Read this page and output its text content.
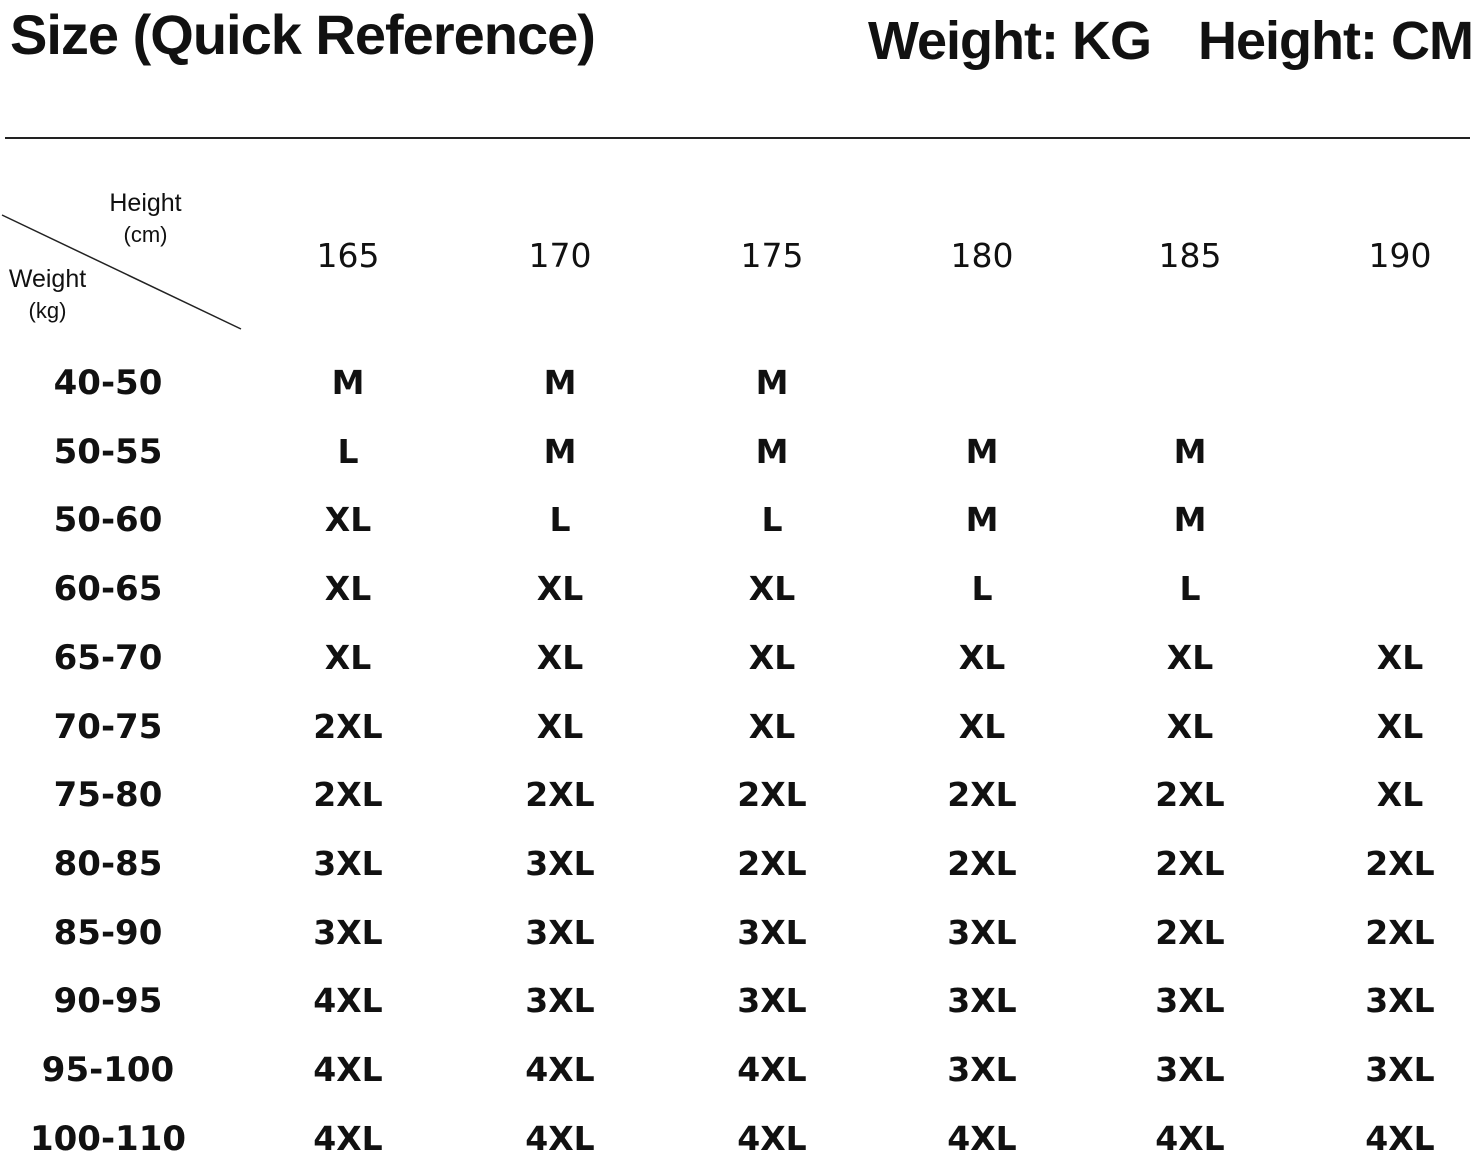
Size (Quick Reference)	Weight: KG Height: CM
Height
(cm)
Weight
(kg)
165	170	175	180	185	190
40-50	M	M	M
50-55	L	M	M	M	M
50-60	XL	L	L	M	M
60-65	XL	XL	XL	L	L
65-70	XL	XL	XL	XL	XL	XL
70-75	2XL	XL	XL	XL	XL	XL
75-80	2XL	2XL	2XL	2XL	2XL	XL
80-85	3XL	3XL	2XL	2XL	2XL	2XL
85-90	3XL	3XL	3XL	3XL	2XL	2XL
90-95	4XL	3XL	3XL	3XL	3XL	3XL
95-100	4XL	4XL	4XL	3XL	3XL	3XL
100-110	4XL	4XL	4XL	4XL	4XL	4XL
